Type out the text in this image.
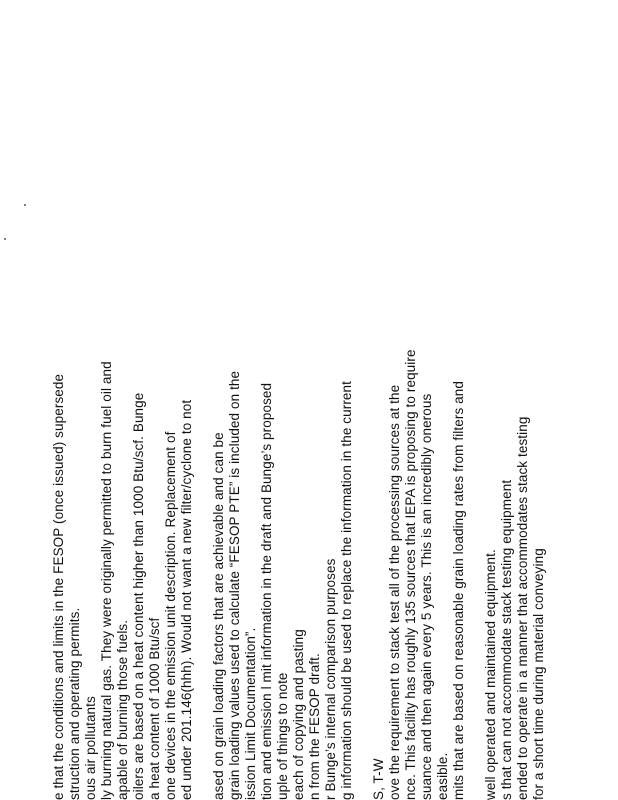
e that the conditions and limits in the FESOP (once issued) supersede struction and operating permits. ous air pollutants ly burning natural gas. They were originally permitted to burn fuel oil and apable of burning those fuels. oilers are based on a heat content higher than 1000 Btu/scf. Bunge a heat content of 1000 Btu/scf one devices in the emission unit description. Replacement of ed under 201.146(hhh). Would not want a new filter/cyclone to not ased on grain loading factors that are achievable and can be grain loading values used to calculate “FESOP PTE” is included on the ission Limit Documentation”. tion and emission l mit information in the draft and Bunge’s proposed uple of things to note each of copying and pasting n from the FESOP draft. r Bunge’s internal comparison purposes g information should be used to replace the information in the current S, T-W ove the requirement to stack test all of the processing sources at the nce. This facility has roughly 135 sources that IEPA is proposing to require suance and then again every 5 years. This is an incredibly onerous easible. mits that are based on reasonable grain loading rates from filters and well operated and maintained equipment. s that can not accommodate stack testing equipment ended to operate in a manner that accommodates stack testing for a short time during material conveying
